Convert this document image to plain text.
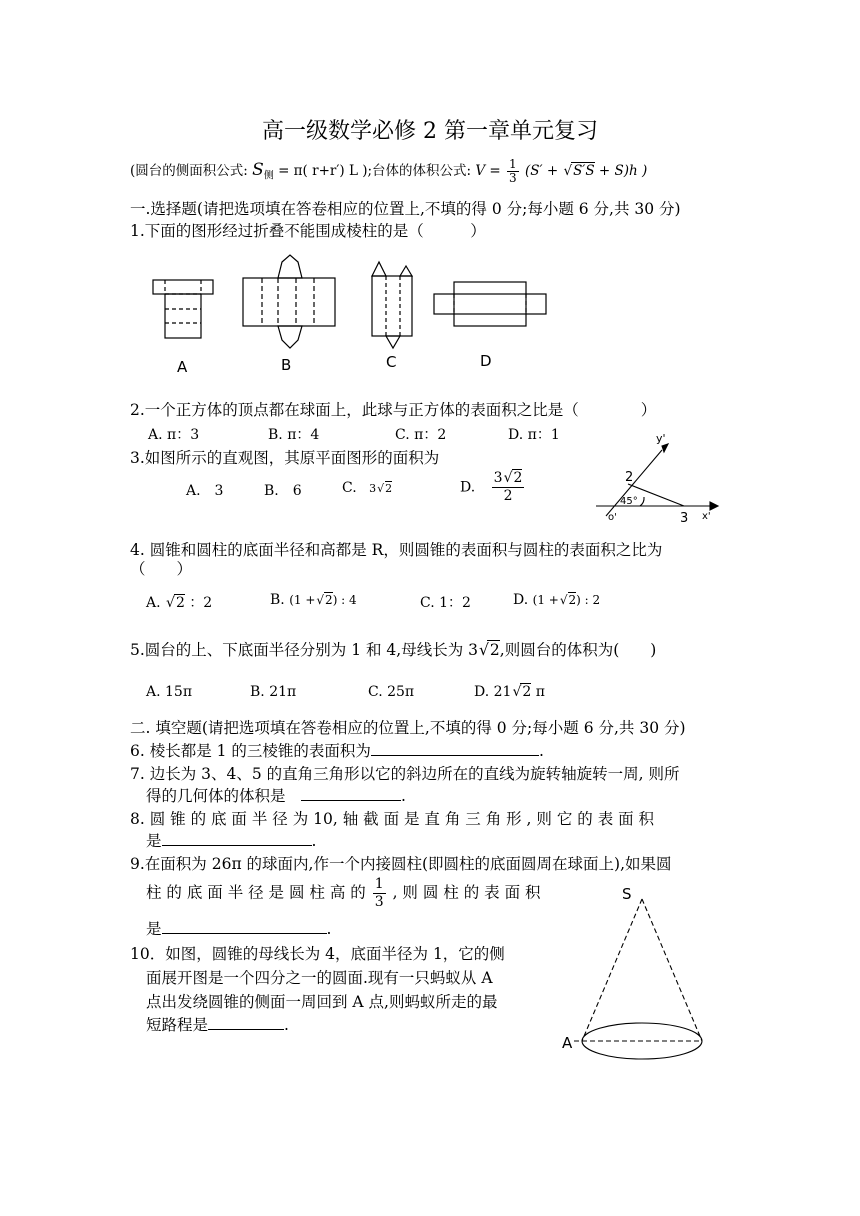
高一级数学必修 2 第一章单元复习
(圆台的侧面积公式: $S_侧 = \pi$( r+r′) L );台体的体积公式: $V = \frac{1}{3} (S'$ + √ S′S + S)h )
一.选择题(请把选项填在答卷相应的位置上,不填的得 0 分;每小题 6 分,共 30 分)
1.下面的图形经过折叠不能围成棱柱的是（　　　）
A	B	C	D
2.一个正方体的顶点都在球面上，此球与正方体的表面积之比是（　　　　）
A. π：3	B. π：4	C. π：2	D. π：1
3.如图所示的直观图，其原平面图形的面积为
A.　3	B.　6	C. 3 √ 2	D. $\frac{3 √ 2}{2}$
y'
2
45°
o'	3 x'
4. 圆锥和圆柱的底面半径和高都是 R，则圆锥的表面积与圆柱的表面积之比为
（　　）
A. √ 2 ：2	B. (1 + √ 2) : 4	C. 1：2	D. (1 + √ 2) : 2
5.圆台的上、下底面半径分别为 1 和 4,母线长为 3 √ 2,则圆台的体积为(　　)
A. 15π	B. 21π	C. 25π	D. 21 √ 2 π
二. 填空题(请把选项填在答卷相应的位置上,不填的得 0 分;每小题 6 分,共 30 分)
6. 棱长都是 1 的三棱锥的表面积为	.
7. 边长为 3、4、5 的直角三角形以它的斜边所在的直线为旋转轴旋转一周, 则所
得的几何体的体积是　	.
8. 圆 锥 的 底 面 半 径 为 10, 轴 截 面 是 直 角 三 角 形 , 则 它 的 表 面 积
是	.
9.在面积为 26π 的球面内,作一个内接圆柱(即圆柱的底面圆周在球面上),如果圆
柱 的 底 面 半 径 是 圆 柱 高 的 $\frac{1}{3}$ , 则 圆 柱 的 表 面 积
是	.
10．如图，圆锥的母线长为 4，底面半径为 1，它的侧
面展开图是一个四分之一的圆面.现有一只蚂蚁从 A
点出发绕圆锥的侧面一周回到 A 点,则蚂蚁所走的最
短路程是	.
S
A
